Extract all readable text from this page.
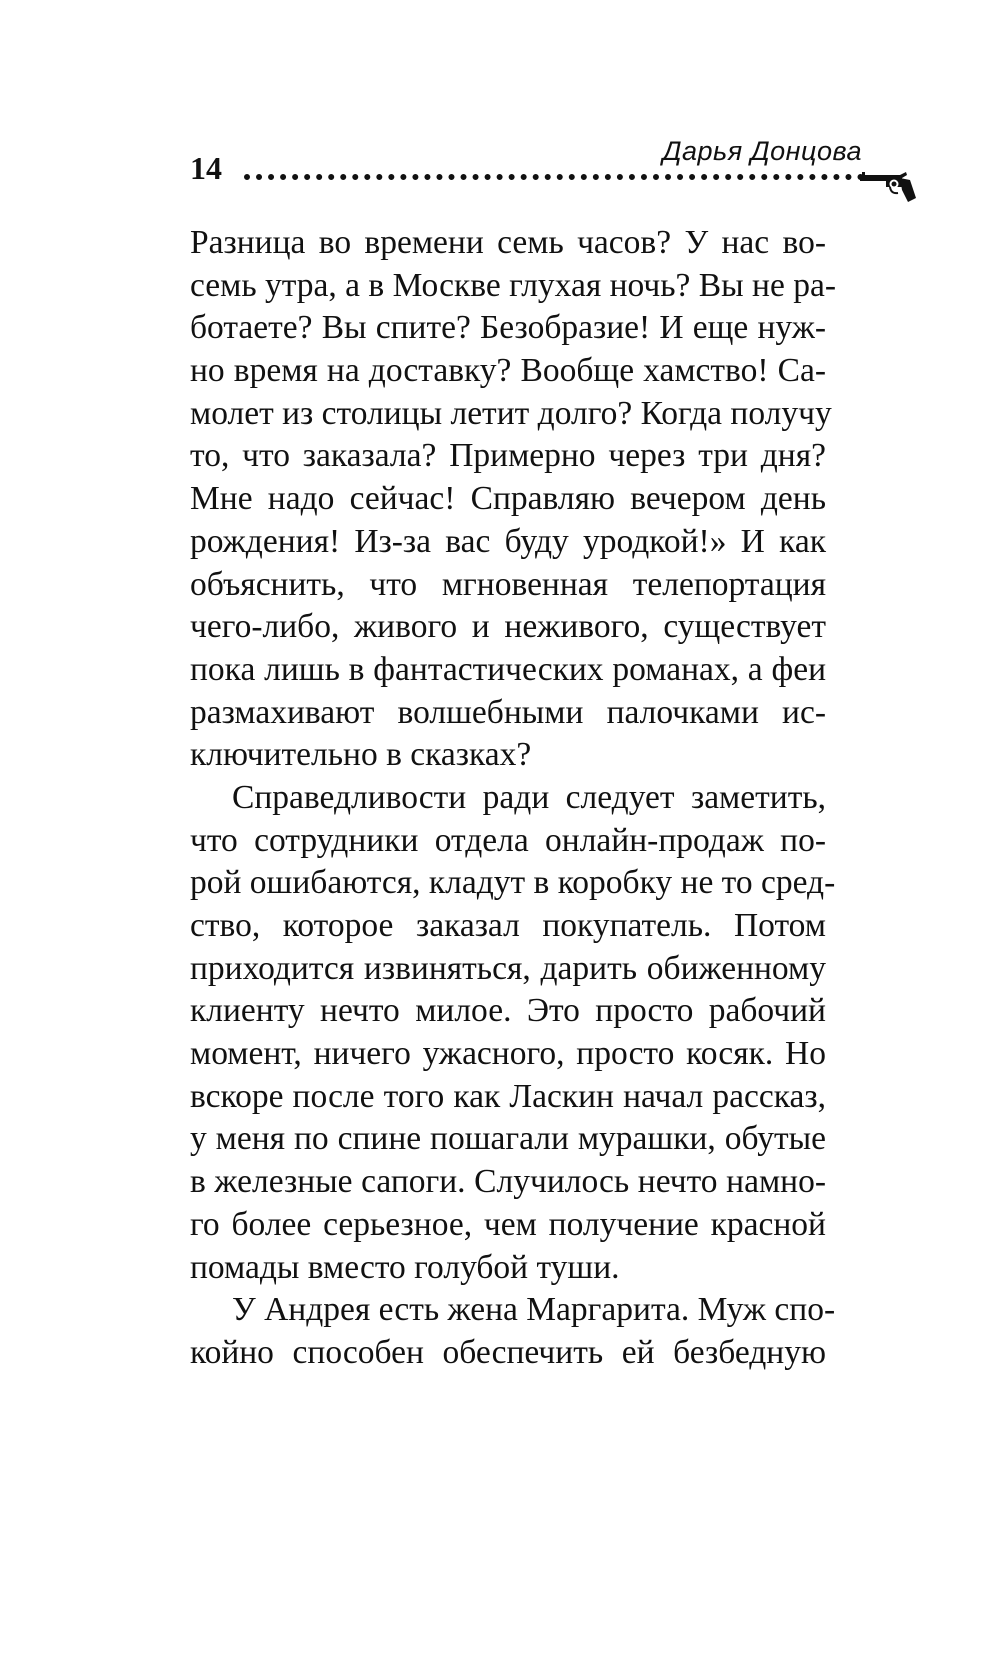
Дарья Донцова
14
Разница во времени семь часов? У нас во-
семь утра, а в Москве глухая ночь? Вы не ра-
ботаете? Вы спите? Безобразие! И еще нуж-
но время на доставку? Вообще хамство! Са-
молет из столицы летит долго? Когда получу
то, что заказала? Примерно через три дня?
Мне надо сейчас! Справляю вечером день
рождения! Из-за вас буду уродкой!» И как
объяснить, что мгновенная телепортация
чего-либо, живого и неживого, существует
пока лишь в фантастических романах, а феи
размахивают волшебными палочками ис-
ключительно в сказках?
Справедливости ради следует заметить,
что сотрудники отдела онлайн-продаж по-
рой ошибаются, кладут в коробку не то сред-
ство, которое заказал покупатель. Потом
приходится извиняться, дарить обиженному
клиенту нечто милое. Это просто рабочий
момент, ничего ужасного, просто косяк. Но
вскоре после того как Ласкин начал рассказ,
у меня по спине пошагали мурашки, обутые
в железные сапоги. Случилось нечто намно-
го более серьезное, чем получение красной
помады вместо голубой туши.
У Андрея есть жена Маргарита. Муж спо-
койно способен обеспечить ей безбедную
